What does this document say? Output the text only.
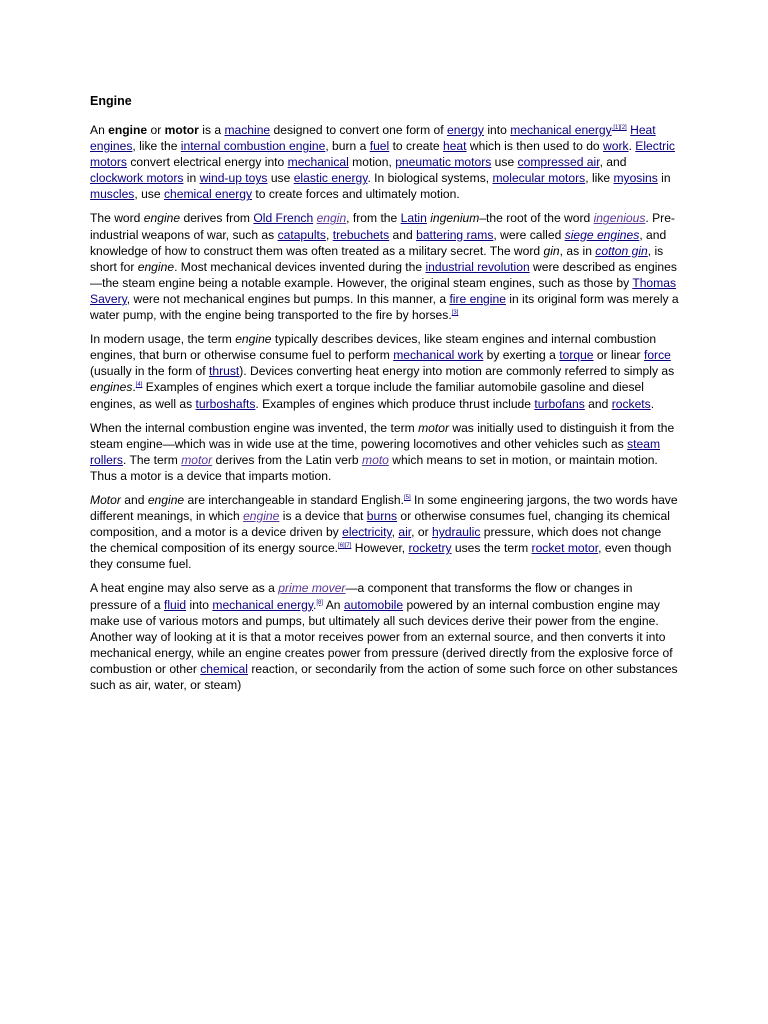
Engine

An engine or motor is a machine designed to convert one form of energy into mechanical energy$^{.[1][2]}$ Heat engines, like the internal combustion engine, burn a fuel to create heat which is then used to do work. Electric motors convert electrical energy into mechanical motion, pneumatic motors use compressed air, and clockwork motors in wind-up toys use elastic energy. In biological systems, molecular motors, like myosins in muscles, use chemical energy to create forces and ultimately motion.

The word engine derives from Old French engin, from the Latin ingenium–the root of the word ingenious. Pre-industrial weapons of war, such as catapults, trebuchets and battering rams, were called siege engines, and knowledge of how to construct them was often treated as a military secret. The word gin, as in cotton gin, is short for engine. Most mechanical devices invented during the industrial revolution were described as engines—the steam engine being a notable example. However, the original steam engines, such as those by Thomas Savery, were not mechanical engines but pumps. In this manner, a fire engine in its original form was merely a water pump, with the engine being transported to the fire by horses.[3]

In modern usage, the term engine typically describes devices, like steam engines and internal combustion engines, that burn or otherwise consume fuel to perform mechanical work by exerting a torque or linear force (usually in the form of thrust). Devices converting heat energy into motion are commonly referred to simply as engines.[4] Examples of engines which exert a torque include the familiar automobile gasoline and diesel engines, as well as turboshafts. Examples of engines which produce thrust include turbofans and rockets.

When the internal combustion engine was invented, the term motor was initially used to distinguish it from the steam engine—which was in wide use at the time, powering locomotives and other vehicles such as steam rollers. The term motor derives from the Latin verb moto which means to set in motion, or maintain motion. Thus a motor is a device that imparts motion.

Motor and engine are interchangeable in standard English.[5] In some engineering jargons, the two words have different meanings, in which engine is a device that burns or otherwise consumes fuel, changing its chemical composition, and a motor is a device driven by electricity, air, or hydraulic pressure, which does not change the chemical composition of its energy source.[6][7] However, rocketry uses the term rocket motor, even though they consume fuel.

A heat engine may also serve as a prime mover—a component that transforms the flow or changes in pressure of a fluid into mechanical energy.[8] An automobile powered by an internal combustion engine may make use of various motors and pumps, but ultimately all such devices derive their power from the engine. Another way of looking at it is that a motor receives power from an external source, and then converts it into mechanical energy, while an engine creates power from pressure (derived directly from the explosive force of combustion or other chemical reaction, or secondarily from the action of some such force on other substances such as air, water, or steam)
